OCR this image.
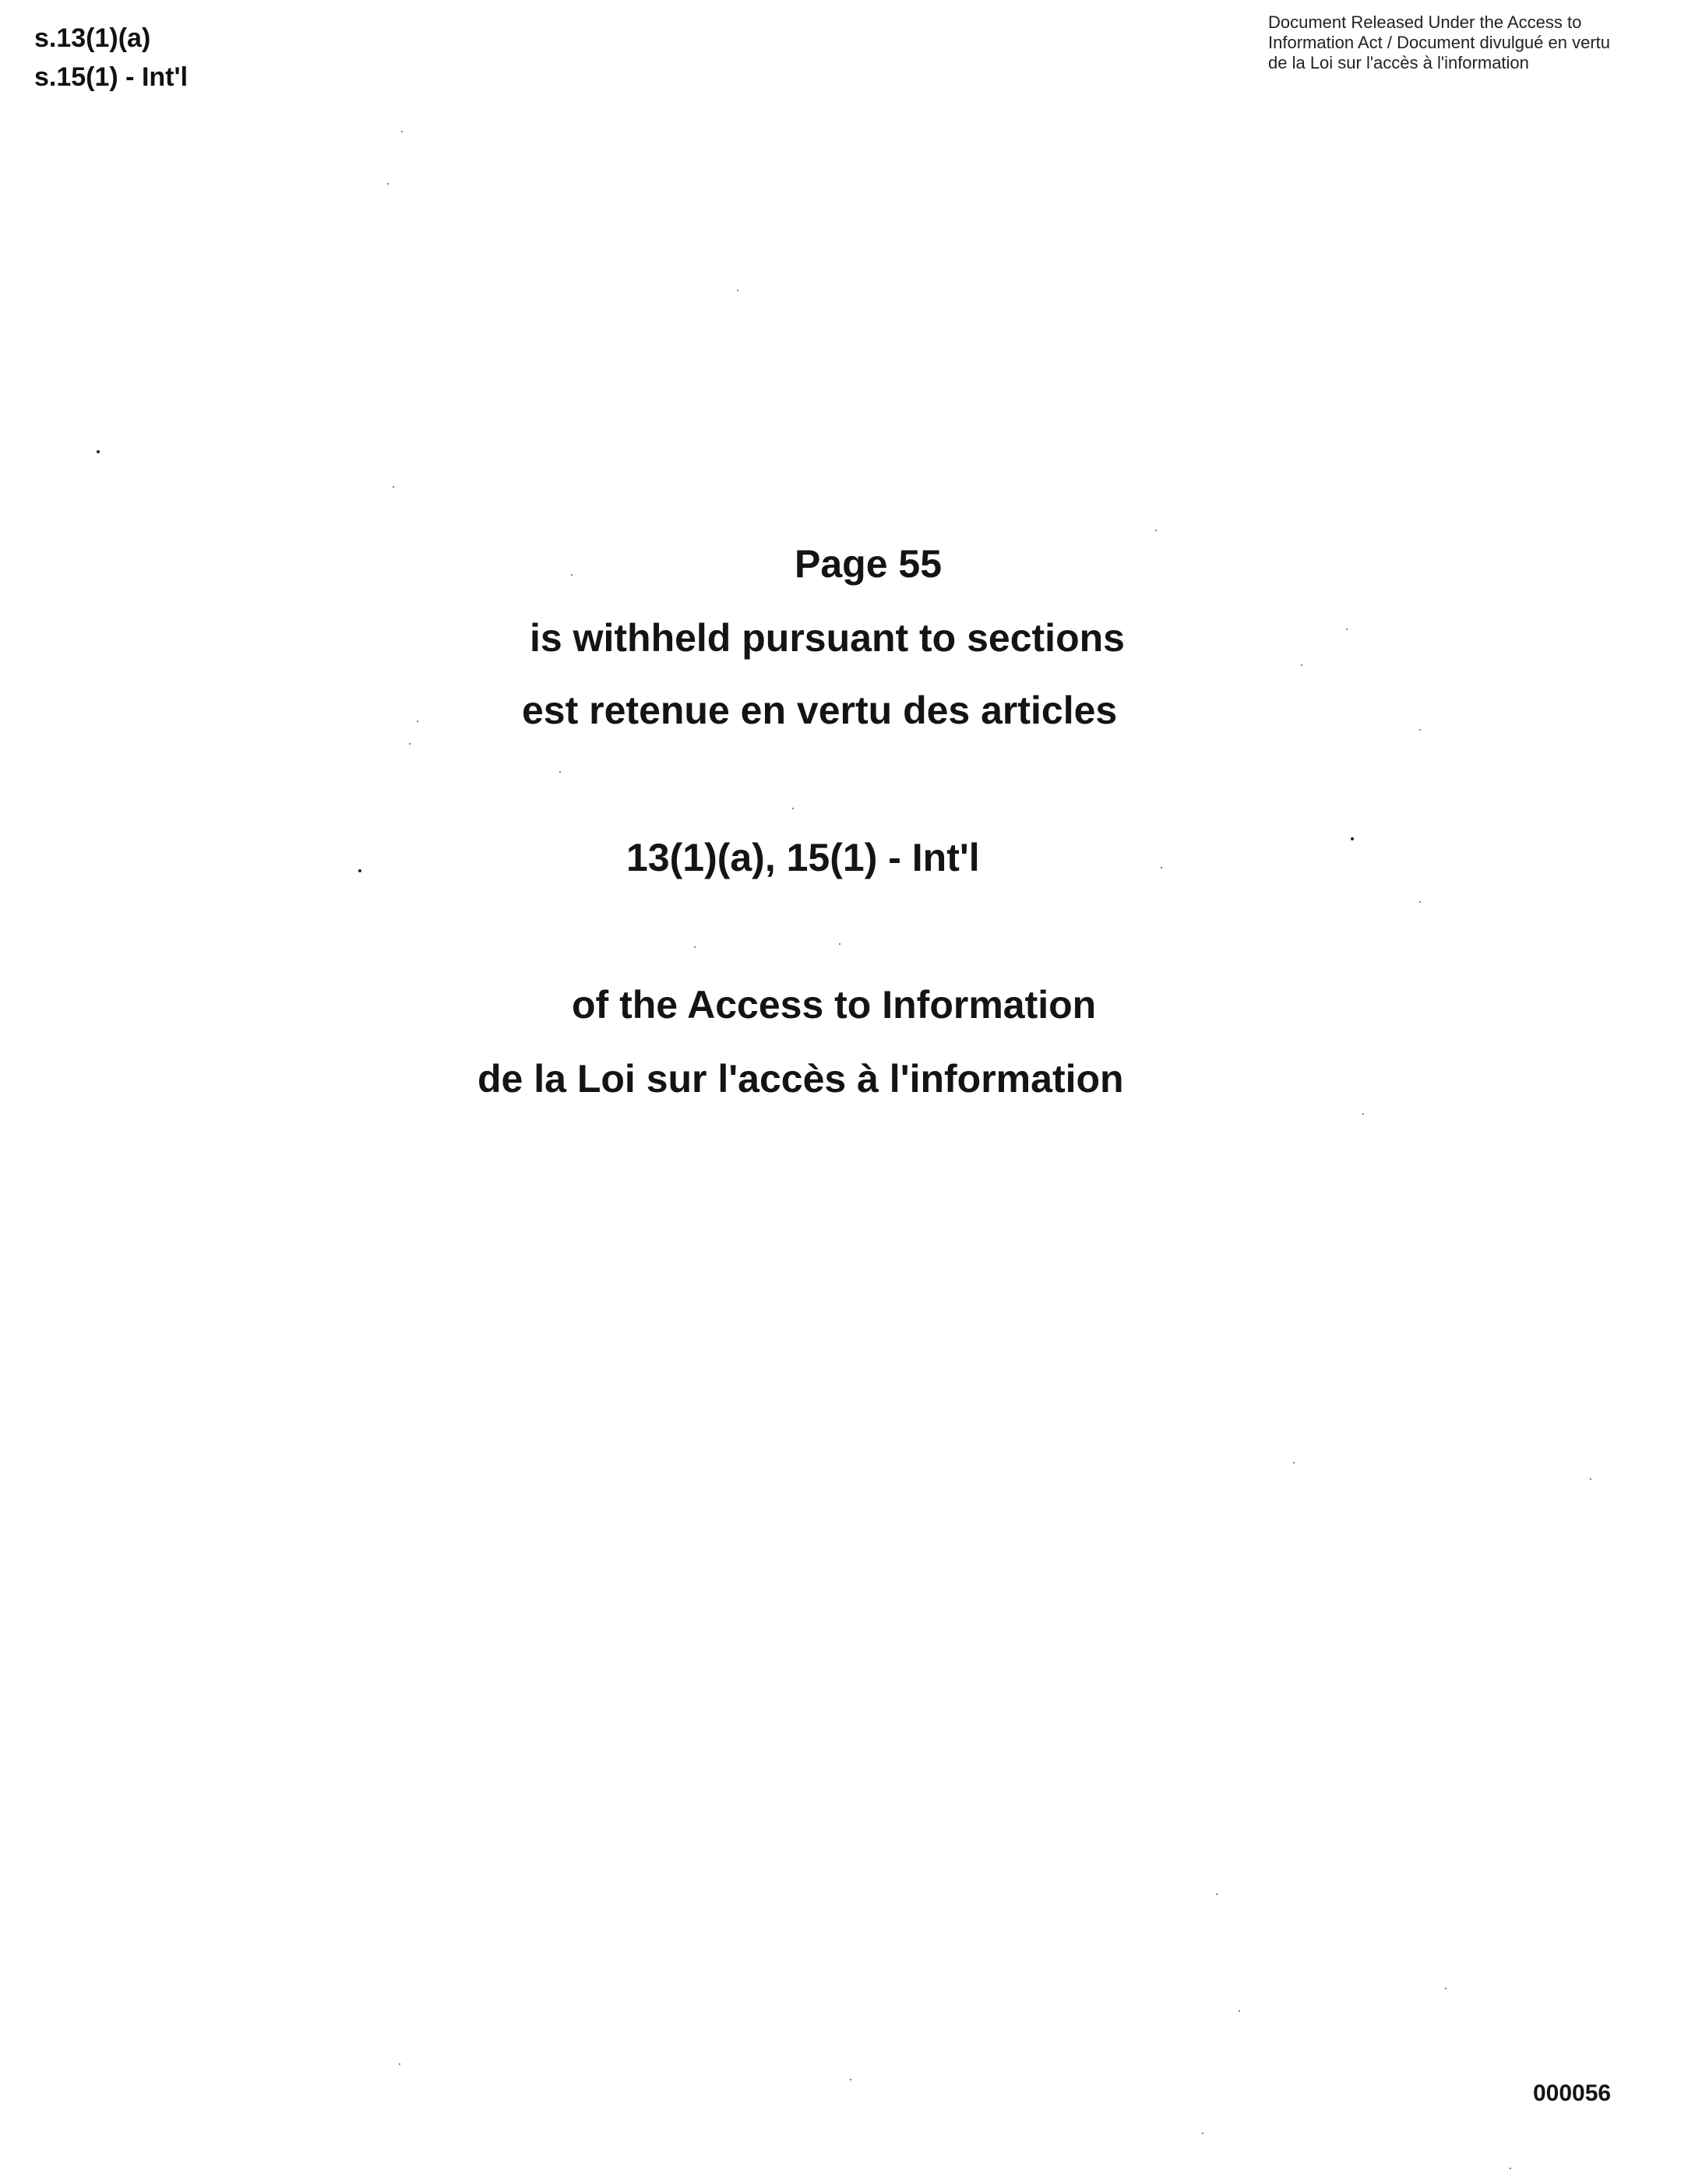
s.13(1)(a)
s.15(1) - Int'l
Document Released Under the Access to
Information Act / Document divulgué en vertu
de la Loi sur l'accès à l'information
Page 55
is withheld pursuant to sections
est retenue en vertu des articles
13(1)(a), 15(1) - Int'l
of the Access to Information
de la Loi sur l'accès à l'information
000056
